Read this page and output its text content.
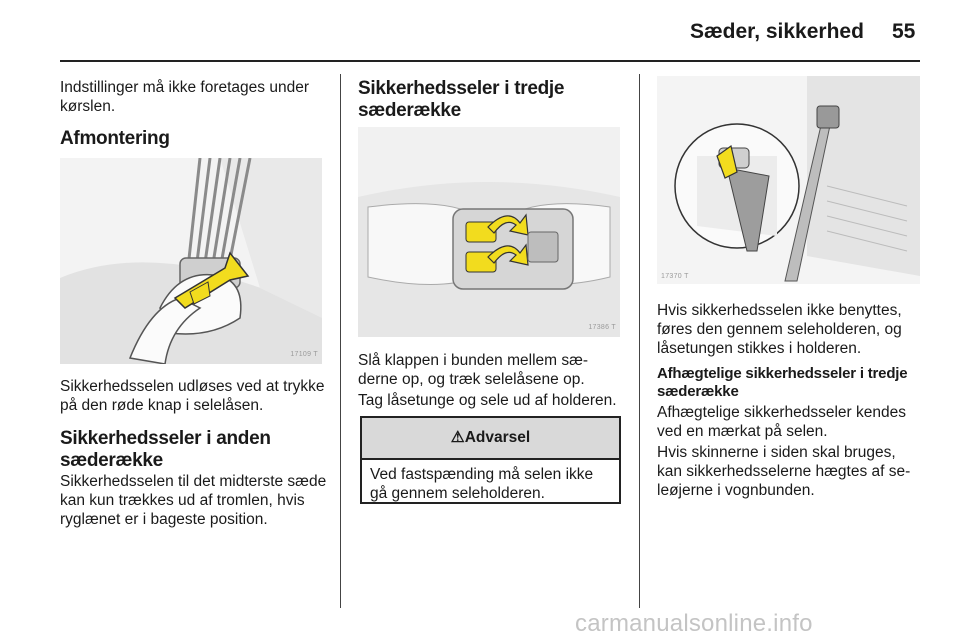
Sæder, sikkerhed 55

Indstillinger må ikke foretages under kørslen.

Afmontering
17109 T

Sikkerhedsselen udløses ved at trykke på den røde knap i selelåsen.

Sikkerhedsseler i anden sæderække

Sikkerhedsselen til det midterste sæde kan kun trækkes ud af tromlen, hvis ryglænet er i bageste position.

Sikkerhedsseler i tredje sæderække
17386 T

Slå klappen i bunden mellem sæ-derne op, og træk selelåsene op.

Tag låsetunge og sele ud af holderen.

⚠Advarsel
Ved fastspænding må selen ikke gå gennem seleholderen.
17370 T

Hvis sikkerhedsselen ikke benyttes, føres den gennem seleholderen, og låsetungen stikkes i holderen.

Afhægtelige sikkerhedsseler i tredje sæderække

Afhægtelige sikkerhedsseler kendes ved en mærkat på selen.

Hvis skinnerne i siden skal bruges, kan sikkerhedsselerne hægtes af se-leøjerne i vognbunden.

carmanualsonline.info
